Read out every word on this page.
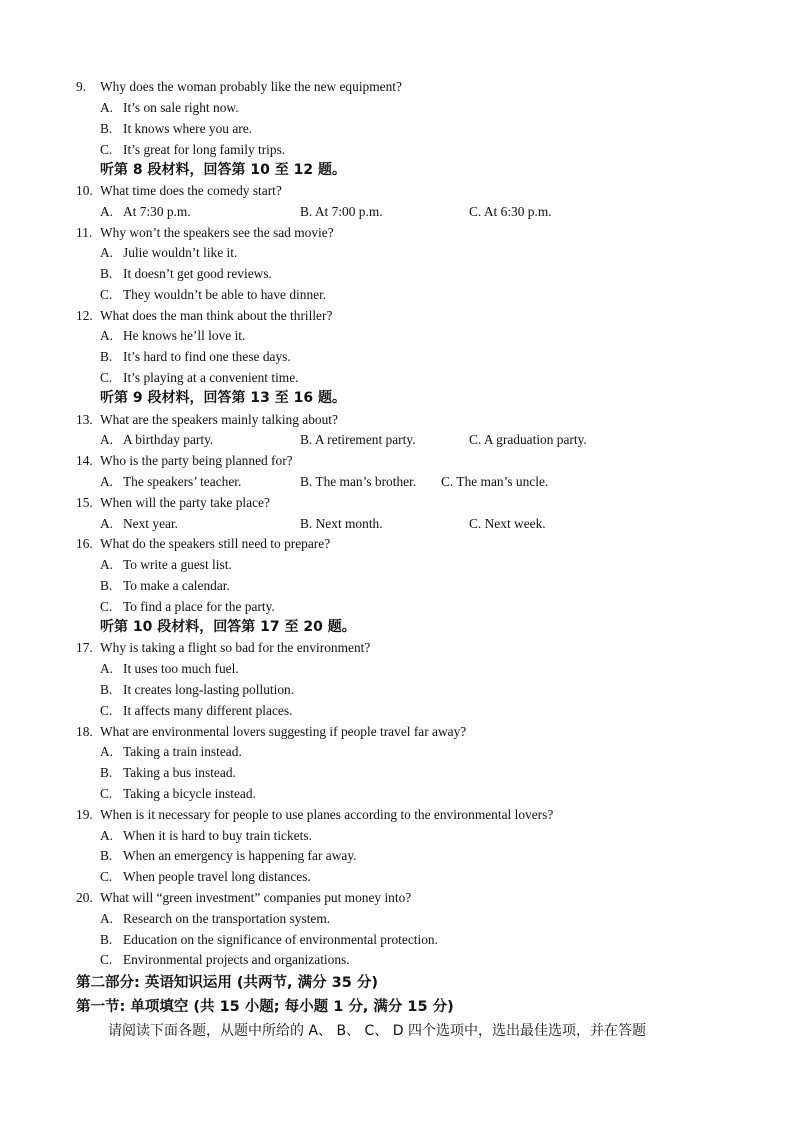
9. Why does the woman probably like the new equipment?
A. It’s on sale right now.
B. It knows where you are.
C. It’s great for long family trips.
听第 8 段材料，回答第 10 至 12 题。
10. What time does the comedy start?
A. At 7:30 p.m.	B. At 7:00 p.m.	C. At 6:30 p.m.
11. Why won’t the speakers see the sad movie?
A. Julie wouldn’t like it.
B. It doesn’t get good reviews.
C. They wouldn’t be able to have dinner.
12. What does the man think about the thriller?
A. He knows he’ll love it.
B. It’s hard to find one these days.
C. It’s playing at a convenient time.
听第 9 段材料，回答第 13 至 16 题。
13. What are the speakers mainly talking about?
A. A birthday party.	B. A retirement party.	C. A graduation party.
14. Who is the party being planned for?
A. The speakers’ teacher.	B. The man’s brother. C. The man’s uncle.
15. When will the party take place?
A. Next year.	B. Next month.	C. Next week.
16. What do the speakers still need to prepare?
A. To write a guest list.
B. To make a calendar.
C. To find a place for the party.
听第 10 段材料，回答第 17 至 20 题。
17. Why is taking a flight so bad for the environment?
A. It uses too much fuel.
B. It creates long-lasting pollution.
C. It affects many different places.
18. What are environmental lovers suggesting if people travel far away?
A. Taking a train instead.
B. Taking a bus instead.
C. Taking a bicycle instead.
19. When is it necessary for people to use planes according to the environmental lovers?
A. When it is hard to buy train tickets.
B. When an emergency is happening far away.
C. When people travel long distances.
20. What will “green investment” companies put money into?
A. Research on the transportation system.
B. Education on the significance of environmental protection.
C. Environmental projects and organizations.
第二部分: 英语知识运用 (共两节, 满分 35 分)
第一节: 单项填空 (共 15 小题; 每小题 1 分, 满分 15 分)
请阅读下面各题，从题中所给的 A、 B、 C、 D 四个选项中，选出最佳选项，并在答题
